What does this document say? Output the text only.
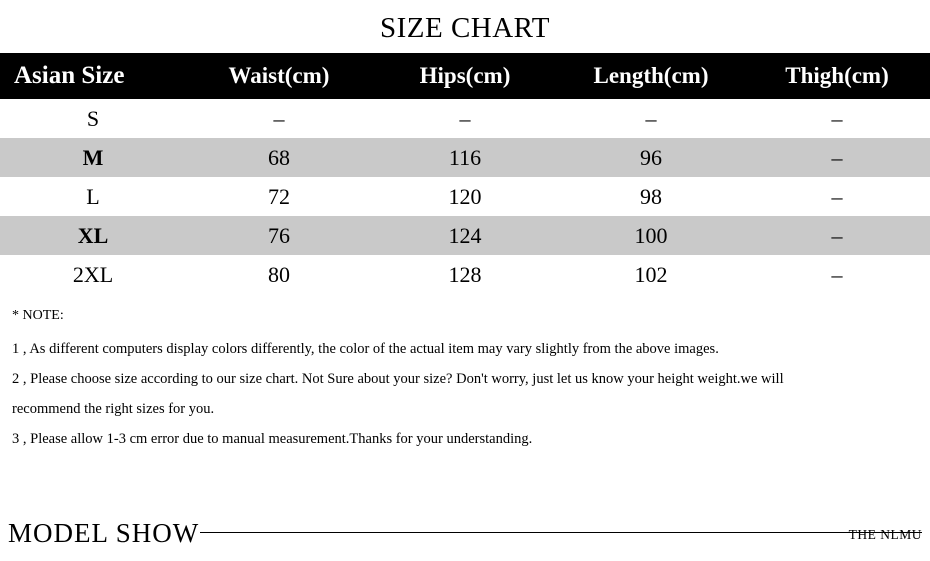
SIZE CHART
Asian Size	Waist(cm)	Hips(cm)	Length(cm)	Thigh(cm)
S	–	–	–	–
M	68	116	96	–
L	72	120	98	–
XL	76	124	100	–
2XL	80	128	102	–
* NOTE:
1 , As different computers display colors differently, the color of the actual item may vary slightly from the above images.
2 , Please choose size according to our size chart. Not Sure about your size? Don't worry, just let us know your height weight.we will
recommend the right sizes for you.
3 , Please allow 1-3 cm error due to manual measurement.Thanks for your understanding.
MODEL SHOW	THE NLMU
